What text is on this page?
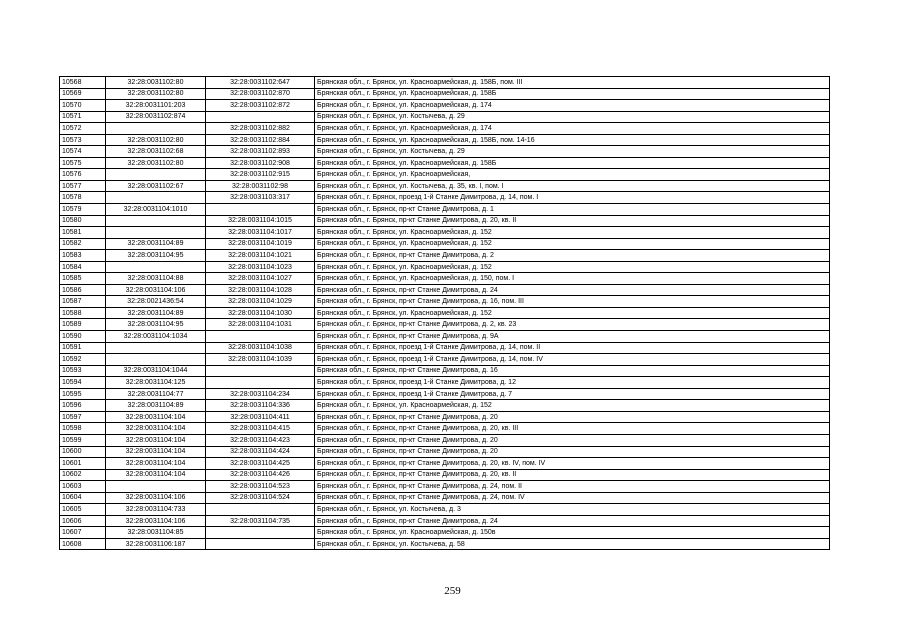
10568	32:28:0031102:80	32:28:0031102:647	Брянская обл., г. Брянск, ул. Красноармейская, д. 158Б, пом. III
10569	32:28:0031102:80	32:28:0031102:870	Брянская обл., г. Брянск, ул. Красноармейская, д. 158Б
10570	32:28:0031101:203	32:28:0031102:872	Брянская обл., г. Брянск, ул. Красноармейская, д. 174
10571	32:28:0031102:874		Брянская обл., г. Брянск, ул. Костычева, д. 29
10572		32:28:0031102:882	Брянская обл., г. Брянск, ул. Красноармейская, д. 174
10573	32:28:0031102:80	32:28:0031102:884	Брянская обл., г. Брянск, ул. Красноармейская, д. 158Б, пом. 14-16
10574	32:28:0031102:68	32:28:0031102:893	Брянская обл., г. Брянск, ул. Костычева, д. 29
10575	32:28:0031102:80	32:28:0031102:908	Брянская обл., г. Брянск, ул. Красноармейская, д. 158Б
10576		32:28:0031102:915	Брянская обл., г. Брянск, ул. Красноармейская,
10577	32:28:0031102:67	32:28:0031102:98	Брянская обл., г. Брянск, ул. Костычева, д. 35, кв. I, пом. I
10578		32:28:0031103:317	Брянская обл., г. Брянск, проезд 1-й Станке Димитрова, д. 14, пом. I
10579	32:28:0031104:1010		Брянская обл., г. Брянск, пр-кт Станке Димитрова, д. 1
10580		32:28:0031104:1015	Брянская обл., г. Брянск, пр-кт Станке Димитрова, д. 20, кв. II
10581		32:28:0031104:1017	Брянская обл., г. Брянск, ул. Красноармейская, д. 152
10582	32:28:0031104:89	32:28:0031104:1019	Брянская обл., г. Брянск, ул. Красноармейская, д. 152
10583	32:28:0031104:95	32:28:0031104:1021	Брянская обл., г. Брянск, пр-кт Станке Димитрова, д. 2
10584		32:28:0031104:1023	Брянская обл., г. Брянск, ул. Красноармейская, д. 152
10585	32:28:0031104:88	32:28:0031104:1027	Брянская обл., г. Брянск, ул. Красноармейская, д. 150, пом. I
10586	32:28:0031104:106	32:28:0031104:1028	Брянская обл., г. Брянск, пр-кт Станке Димитрова, д. 24
10587	32:28:0021436:54	32:28:0031104:1029	Брянская обл., г. Брянск, пр-кт Станке Димитрова, д. 16, пом. III
10588	32:28:0031104:89	32:28:0031104:1030	Брянская обл., г. Брянск, ул. Красноармейская, д. 152
10589	32:28:0031104:95	32:28:0031104:1031	Брянская обл., г. Брянск, пр-кт Станке Димитрова, д. 2, кв. 23
10590	32:28:0031104:1034		Брянская обл., г. Брянск, пр-кт Станке Димитрова, д. 9А
10591		32:28:0031104:1038	Брянская обл., г. Брянск, проезд 1-й Станке Димитрова, д. 14, пом. II
10592		32:28:0031104:1039	Брянская обл., г. Брянск, проезд 1-й Станке Димитрова, д. 14, пом. IV
10593	32:28:0031104:1044		Брянская обл., г. Брянск, пр-кт Станке Димитрова, д. 16
10594	32:28:0031104:125		Брянская обл., г. Брянск, проезд 1-й Станке Димитрова, д. 12
10595	32:28:0031104:77	32:28:0031104:234	Брянская обл., г. Брянск, проезд 1-й Станке Димитрова, д. 7
10596	32:28:0031104:89	32:28:0031104:336	Брянская обл., г. Брянск, ул. Красноармейская, д. 152
10597	32:28:0031104:104	32:28:0031104:411	Брянская обл., г. Брянск, пр-кт Станке Димитрова, д. 20
10598	32:28:0031104:104	32:28:0031104:415	Брянская обл., г. Брянск, пр-кт Станке Димитрова, д. 20, кв. III
10599	32:28:0031104:104	32:28:0031104:423	Брянская обл., г. Брянск, пр-кт Станке Димитрова, д. 20
10600	32:28:0031104:104	32:28:0031104:424	Брянская обл., г. Брянск, пр-кт Станке Димитрова, д. 20
10601	32:28:0031104:104	32:28:0031104:425	Брянская обл., г. Брянск, пр-кт Станке Димитрова, д. 20, кв. IV, пом. IV
10602	32:28:0031104:104	32:28:0031104:426	Брянская обл., г. Брянск, пр-кт Станке Димитрова, д. 20, кв. II
10603		32:28:0031104:523	Брянская обл., г. Брянск, пр-кт Станке Димитрова, д. 24, пом. II
10604	32:28:0031104:106	32:28:0031104:524	Брянская обл., г. Брянск, пр-кт Станке Димитрова, д. 24, пом. IV
10605	32:28:0031104:733		Брянская обл., г. Брянск, ул. Костычева, д. 3
10606	32:28:0031104:106	32:28:0031104:735	Брянская обл., г. Брянск, пр-кт Станке Димитрова, д. 24
10607	32:28:0031104:85		Брянская обл., г. Брянск, ул. Красноармейская, д. 150в
10608	32:28:0031106:187		Брянская обл., г. Брянск, ул. Костычева, д. 58
259
